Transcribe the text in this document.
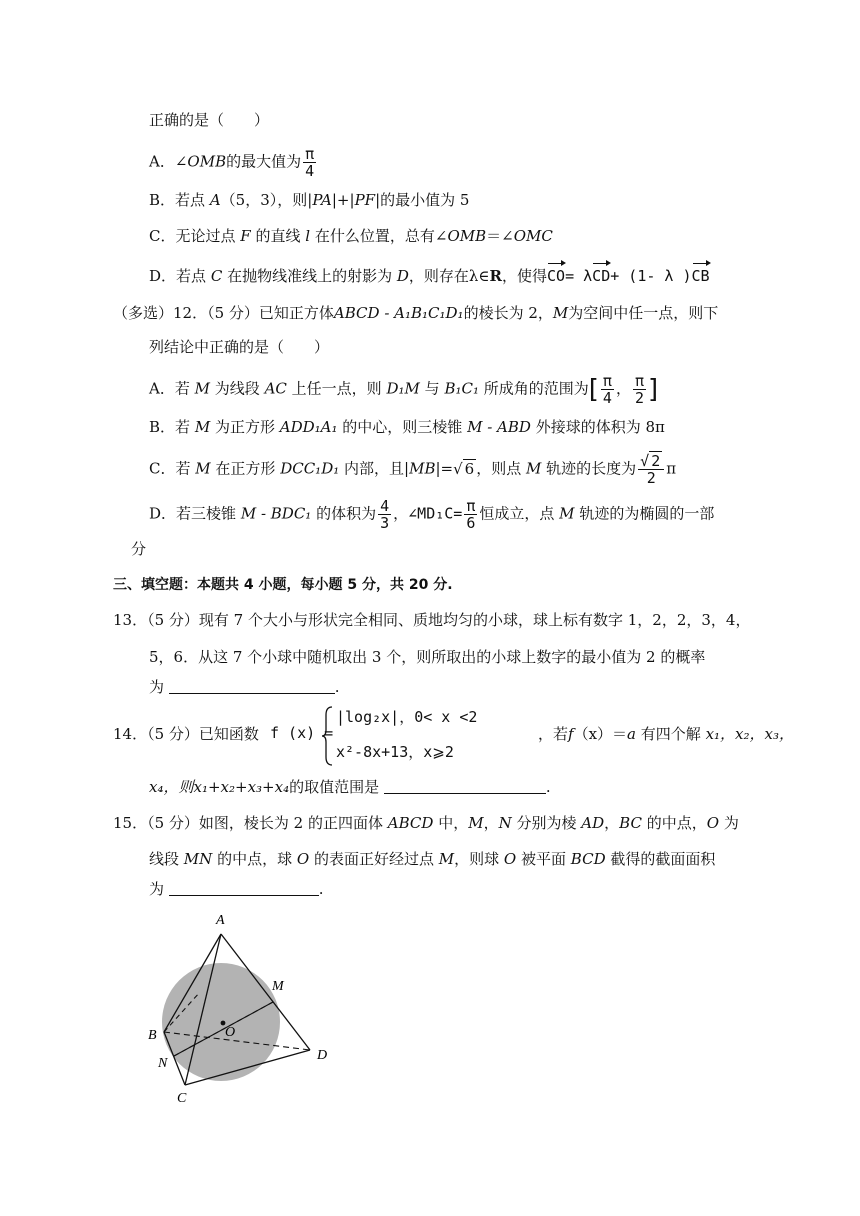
正确的是（　　）
A．∠OMB的最大值为 $\frac{\pi}{4}$
B．若点 A（5，3），则|PA|+|PF|的最小值为 5
C．无论过点 F 的直线 l 在什么位置，总有∠OMB＝∠OMC
D．若点 C 在抛物线准线上的射影为 D，则存在λ∈R，使得CO= λCD+ (1- λ )CB
（多选）12．（5 分）已知正方体ABCD - A₁B₁C₁D₁的棱长为 2，M为空间中任一点，则下
列结论中正确的是（　　）
A．若 M 为线段 AC 上任一点，则 D₁M 与 B₁C₁ 所成角的范围为[ $\frac{\pi}{4}$ ， $\frac{\pi}{2}$ ]
B．若 M 为正方形 ADD₁A₁ 的中心，则三棱锥 M - ABD 外接球的体积为 8π
C．若 M 在正方形 DCC₁D₁ 内部，且|MB|=√ 6 ，则点 M 轨迹的长度为 $\frac{√ 2}{2}$ π
D．若三棱锥 M - BDC₁ 的体积为 $\frac{4}{3}$ ，∠MD₁C= $\frac{\pi}{6}$ 恒成立，点 M 轨迹的为椭圆的一部
分
三、填空题：本题共 4 小题，每小题 5 分，共 20 分.
13．（5 分）现有 7 个大小与形状完全相同、质地均匀的小球，球上标有数字 1，2，2，3，4，
5，6．从这 7 个小球中随机取出 3 个，则所取出的小球上数字的最小值为 2 的概率
为	.
14．（5 分）已知函数 f (x) =
|log₂x|，0< x <2
x²-8x+13，x⩾2
，若f（x）＝a 有四个解 x₁，x₂，x₃，
x₄，则x₁+x₂+x₃+x₄的取值范围是	.
15．（5 分）如图，棱长为 2 的正四面体 ABCD 中，M，N 分别为棱 AD，BC 的中点，O 为
线段 MN 的中点，球 O 的表面正好经过点 M，则球 O 被平面 BCD 截得的截面面积
为	.
A
M
B	O
D
N
C
